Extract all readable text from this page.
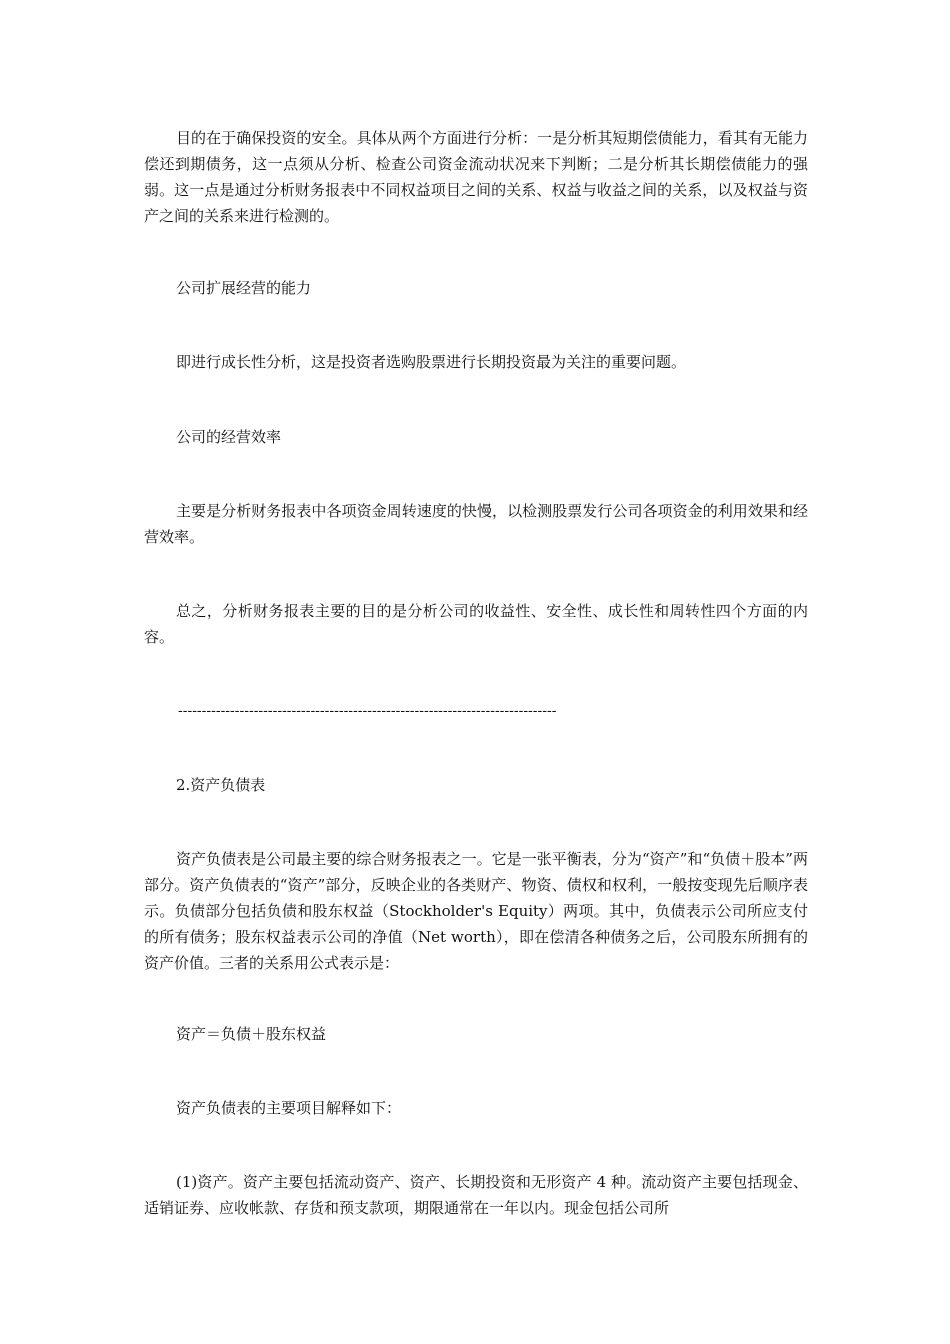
目的在于确保投资的安全。具体从两个方面进行分析：一是分析其短期偿债能力，看其有无能力偿还到期债务，这一点须从分析、检查公司资金流动状况来下判断；二是分析其长期偿债能力的强弱。这一点是通过分析财务报表中不同权益项目之间的关系、权益与收益之间的关系，以及权益与资产之间的关系来进行检测的。

公司扩展经营的能力

即进行成长性分析，这是投资者选购股票进行长期投资最为关注的重要问题。

公司的经营效率

主要是分析财务报表中各项资金周转速度的快慢，以检测股票发行公司各项资金的利用效果和经营效率。

总之，分析财务报表主要的目的是分析公司的收益性、安全性、成长性和周转性四个方面的内容。

--------------------------------------------------------------------------------

2.资产负债表

资产负债表是公司最主要的综合财务报表之一。它是一张平衡表，分为“资产”和“负债＋股本”两部分。资产负债表的“资产”部分，反映企业的各类财产、物资、债权和权利，一般按变现先后顺序表示。负债部分包括负债和股东权益（Stockholder's Equity）两项。其中，负债表示公司所应支付的所有债务；股东权益表示公司的净值（Net worth），即在偿清各种债务之后，公司股东所拥有的资产价值。三者的关系用公式表示是：

资产＝负债＋股东权益

资产负债表的主要项目解释如下：

(1)资产。资产主要包括流动资产、资产、长期投资和无形资产 4 种。流动资产主要包括现金、适销证券、应收帐款、存货和预支款项，期限通常在一年以内。现金包括公司所
